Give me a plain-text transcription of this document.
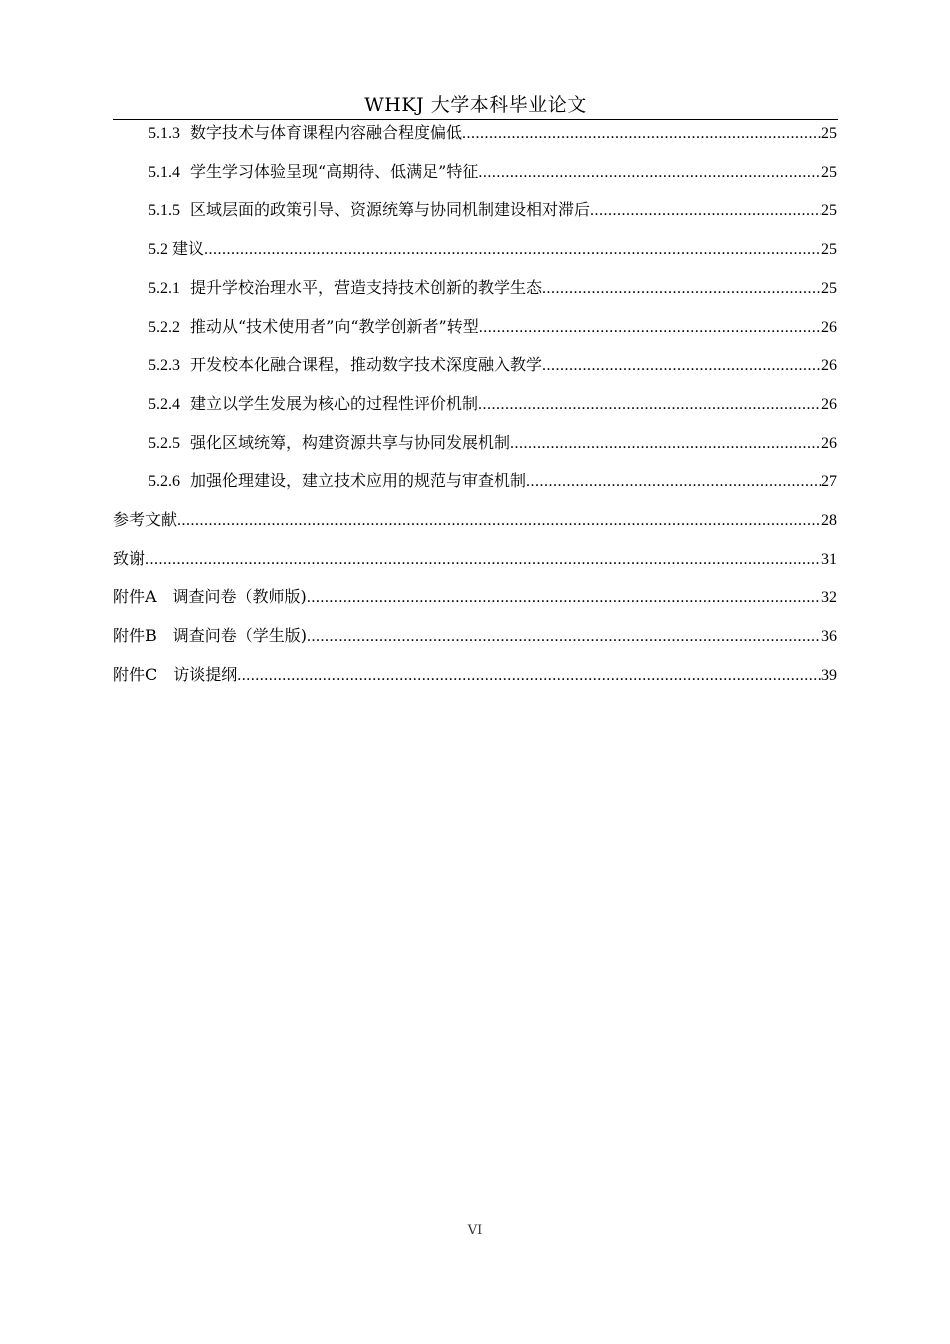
WHKJ 大学本科毕业论文
5.1.3 数字技术与体育课程内容融合程度偏低 .....	25
5.1.4 学生学习体验呈现“高期待、低满足”特征 .....	25
5.1.5 区域层面的政策引导、资源统筹与协同机制建设相对滞后 .....	25
5.2 建议 .....	25
5.2.1 提升学校治理水平，营造支持技术创新的教学生态 .....	25
5.2.2 推动从“技术使用者”向“教学创新者”转型 .....	26
5.2.3 开发校本化融合课程，推动数字技术深度融入教学 .....	26
5.2.4 建立以学生发展为核心的过程性评价机制 .....	26
5.2.5 强化区域统筹，构建资源共享与协同发展机制 .....	26
5.2.6 加强伦理建设，建立技术应用的规范与审查机制 .....	27
参考文献 .....	28
致谢 .....	31
附件A　调查问卷（教师版) .....	32
附件B　调查问卷（学生版) .....	36
附件C　访谈提纲 .....	39
VI
